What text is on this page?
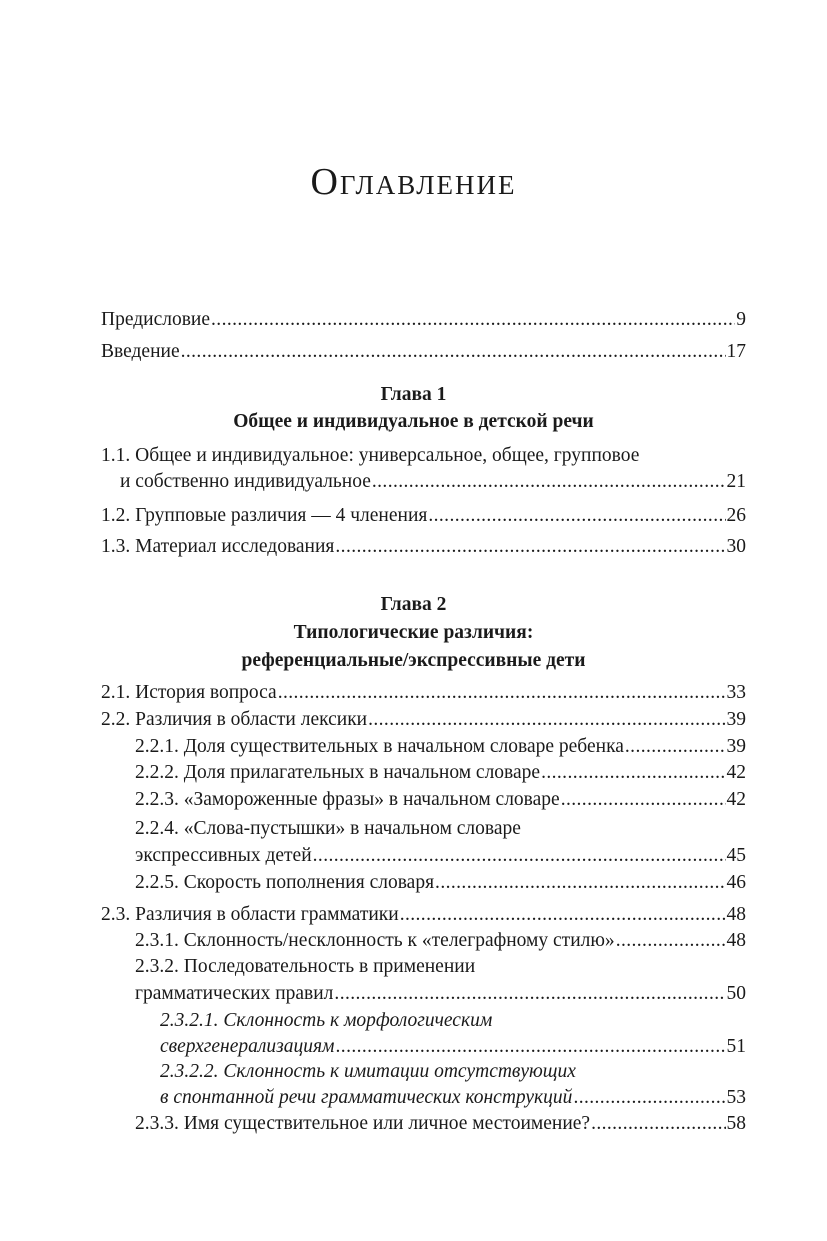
Оглавление
Предисловие .....	9
Введение .....	17
Глава 1
Общее и индивидуальное в детской речи
1.1. Общее и индивидуальное: универсальное, общее, групповое
и собственно индивидуальное .....	21
1.2. Групповые различия — 4 членения .....	26
1.3. Материал исследования .....	30
Глава 2
Типологические различия:
референциальные/экспрессивные дети
2.1. История вопроса .....	33
2.2. Различия в области лексики .....	39
2.2.1. Доля существительных в начальном словаре ребенка .....	39
2.2.2. Доля прилагательных в начальном словаре .....	42
2.2.3. «Замороженные фразы» в начальном словаре .....	42
2.2.4. «Слова-пустышки» в начальном словаре
экспрессивных детей .....	45
2.2.5. Скорость пополнения словаря .....	46
2.3. Различия в области грамматики .....	48
2.3.1. Склонность/несклонность к «телеграфному стилю» .....	48
2.3.2. Последовательность в применении
грамматических правил .....	50
2.3.2.1. Склонность к морфологическим
сверхгенерализациям .....	51
2.3.2.2. Склонность к имитации отсутствующих
в спонтанной речи грамматических конструкций .....	53
2.3.3. Имя существительное или личное местоимение? .....	58
